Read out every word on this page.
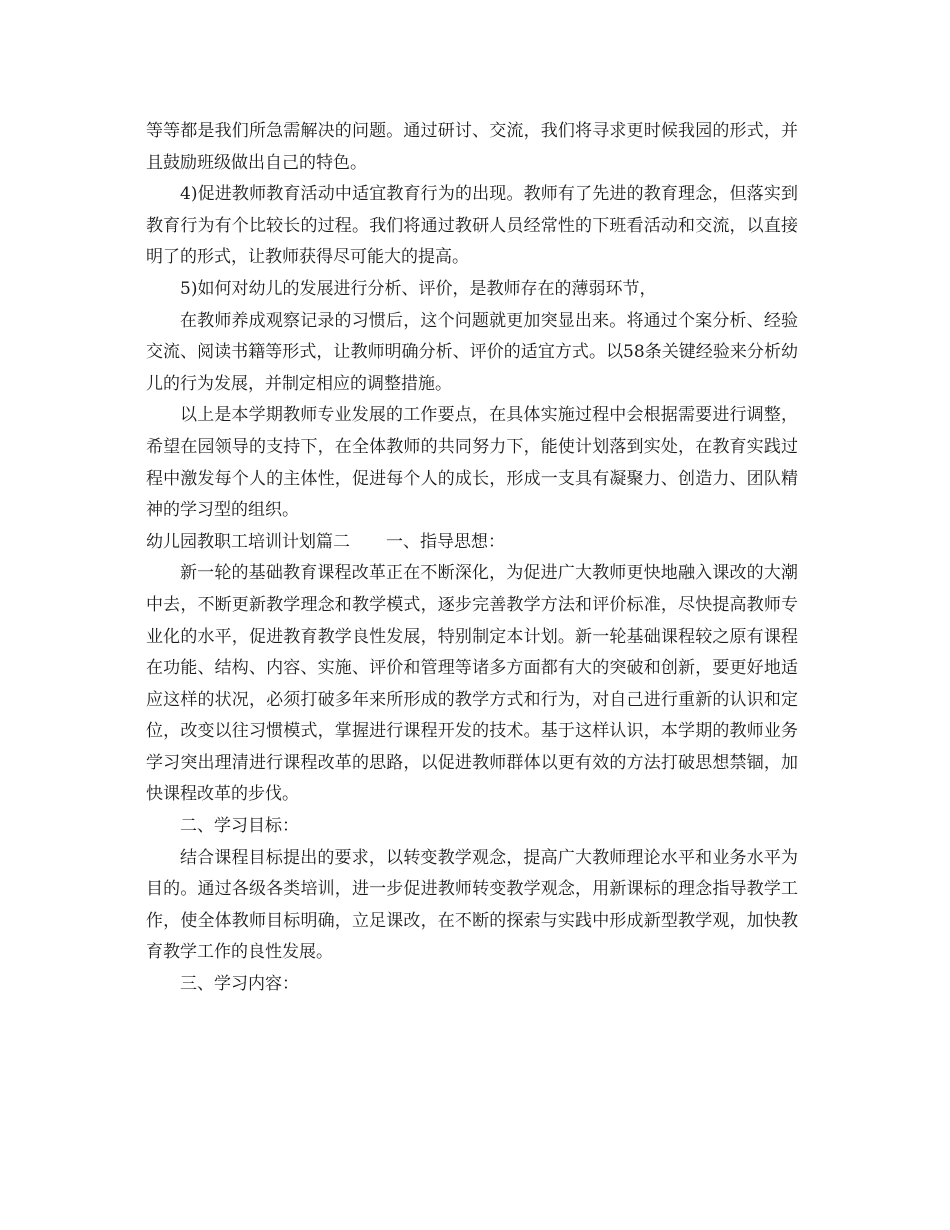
等等都是我们所急需解决的问题。通过研讨、交流，我们将寻求更时候我园的形式，并且鼓励班级做出自己的特色。

4)促进教师教育活动中适宜教育行为的出现。教师有了先进的教育理念，但落实到教育行为有个比较长的过程。我们将通过教研人员经常性的下班看活动和交流，以直接明了的形式，让教师获得尽可能大的提高。

5)如何对幼儿的发展进行分析、评价，是教师存在的薄弱环节，

在教师养成观察记录的习惯后，这个问题就更加突显出来。将通过个案分析、经验交流、阅读书籍等形式，让教师明确分析、评价的适宜方式。以58条关键经验来分析幼儿的行为发展，并制定相应的调整措施。

以上是本学期教师专业发展的工作要点，在具体实施过程中会根据需要进行调整，希望在园领导的支持下，在全体教师的共同努力下，能使计划落到实处，在教育实践过程中激发每个人的主体性，促进每个人的成长，形成一支具有凝聚力、创造力、团队精神的学习型的组织。

幼儿园教职工培训计划篇二 一、指导思想：

新一轮的基础教育课程改革正在不断深化，为促进广大教师更快地融入课改的大潮中去，不断更新教学理念和教学模式，逐步完善教学方法和评价标准，尽快提高教师专业化的水平，促进教育教学良性发展，特别制定本计划。新一轮基础课程较之原有课程在功能、结构、内容、实施、评价和管理等诸多方面都有大的突破和创新，要更好地适应这样的状况，必须打破多年来所形成的教学方式和行为，对自己进行重新的认识和定位，改变以往习惯模式，掌握进行课程开发的技术。基于这样认识，本学期的教师业务学习突出理清进行课程改革的思路，以促进教师群体以更有效的方法打破思想禁锢，加快课程改革的步伐。

二、学习目标：

结合课程目标提出的要求，以转变教学观念，提高广大教师理论水平和业务水平为目的。通过各级各类培训，进一步促进教师转变教学观念，用新课标的理念指导教学工作，使全体教师目标明确，立足课改，在不断的探索与实践中形成新型教学观，加快教育教学工作的良性发展。

三、学习内容：
